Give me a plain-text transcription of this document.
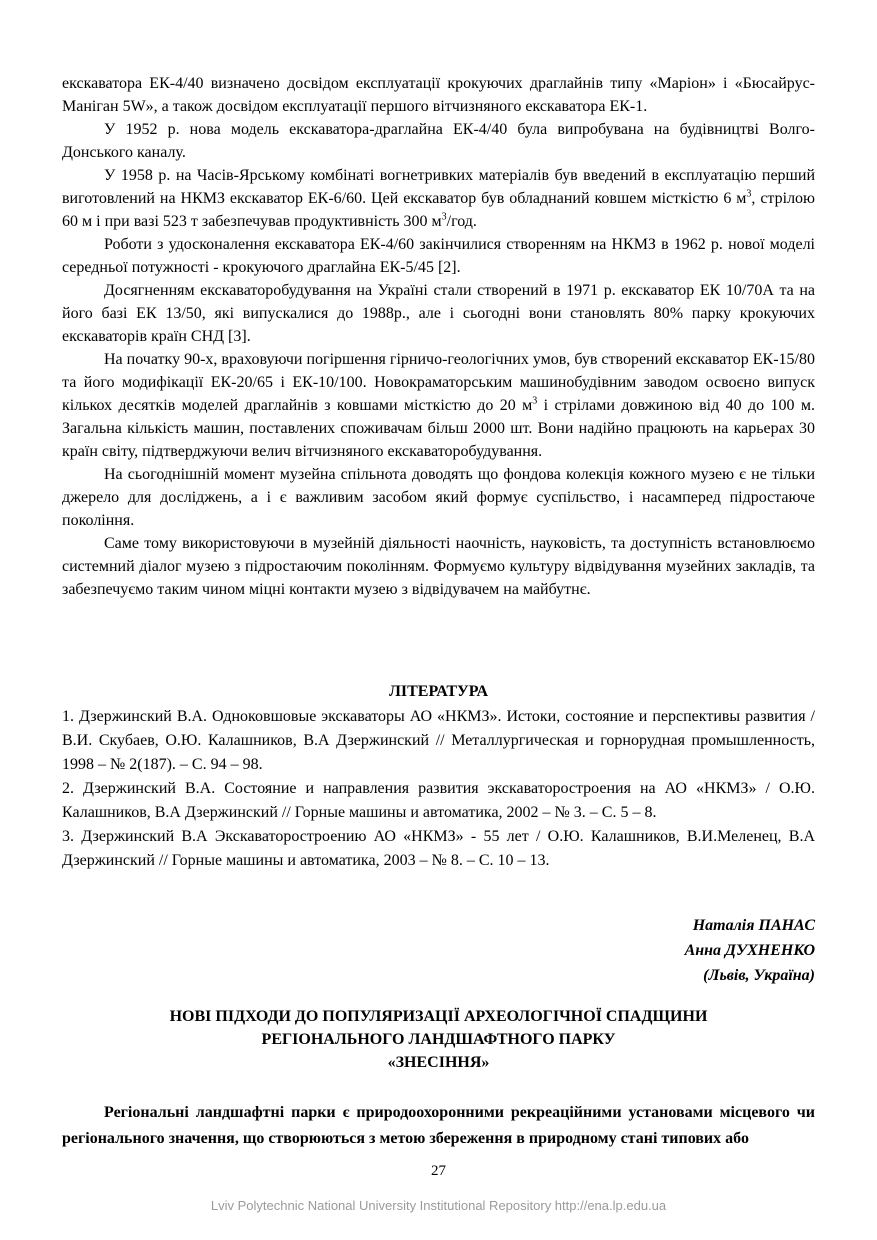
екскаватора ЕК-4/40 визначено досвідом експлуатації крокуючих драглайнів типу «Маріон» і «Бюсайрус-Маніган 5W», а також досвідом експлуатації першого вітчизняного екскаватора ЕК-1.

У 1952 р. нова модель екскаватора-драглайна ЕК-4/40 була випробувана на будівництві Волго-Донського каналу.

У 1958 р. на Часів-Ярському комбінаті вогнетривких матеріалів був введений в експлуатацію перший виготовлений на НКМЗ екскаватор ЕК-6/60. Цей екскаватор був обладнаний ковшем місткістю 6 $м^3$, стрілою 60 м і при вазі 523 т забезпечував продуктивність 300 $м^3$/год.

Роботи з удосконалення екскаватора ЕК-4/60 закінчилися створенням на НКМЗ в 1962 р. нової моделі середньої потужності - крокуючого драглайна ЕК-5/45 [2].

Досягненням екскаваторобудування на Україні стали створений в 1971 р. екскаватор ЕК 10/70А та на його базі ЕК 13/50, які випускалися до 1988р., але і сьогодні вони становлять 80% парку крокуючих екскаваторів країн СНД [3].

На початку 90-х, враховуючи погіршення гірничо-геологічних умов, був створений екскаватор ЕК-15/80 та його модифікації ЕК-20/65 і ЕК-10/100. Новокраматорським машинобудівним заводом освоєно випуск кількох десятків моделей драглайнів з ковшами місткістю до 20 $м^3$ і стрілами довжиною від 40 до 100 м. Загальна кількість машин, поставлених споживачам більш 2000 шт. Вони надійно працюють на карьерах 30 країн світу, підтверджуючи велич вітчизняного екскаваторобудування.

На сьогоднішній момент музейна спільнота доводять що фондова колекція кожного музею є не тільки джерело для досліджень, а і є важливим засобом який формує суспільство, і насамперед підростаюче покоління.

Саме тому використовуючи в музейній діяльності наочність, науковість, та доступність встановлюємо системний діалог музею з підростаючим поколінням. Формуємо культуру відвідування музейних закладів, та забезпечуємо таким чином міцні контакти музею з відвідувачем на майбутнє.

ЛІТЕРАТУРА

1. Дзержинский В.А. Одноковшовые экскаваторы АО «НКМЗ». Истоки, состояние и перспективы развития / В.И. Скубаев, О.Ю. Калашников, В.А Дзержинский // Металлургическая и горнорудная промышленность, 1998 – № 2(187). – С. 94 – 98.

2. Дзержинский В.А. Состояние и направления развития экскаваторостроения на АО «НКМЗ» / О.Ю. Калашников, В.А Дзержинский // Горные машины и автоматика, 2002 – № 3. – С. 5 – 8.

3. Дзержинский В.А Экскаваторостроению АО «НКМЗ» - 55 лет / О.Ю. Калашников, В.И.Меленец, В.А Дзержинский // Горные машины и автоматика, 2003 – № 8. – С. 10 – 13.

Наталія ПАНАС
Анна ДУХНЕНКО
(Львів, Україна)
НОВІ ПІДХОДИ ДО ПОПУЛЯРИЗАЦІЇ АРХЕОЛОГІЧНОЇ СПАДЩИНИ
РЕГІОНАЛЬНОГО ЛАНДШАФТНОГО ПАРКУ
«ЗНЕСІННЯ»

Регіональні ландшафтні парки є природоохоронними рекреаційними установами місцевого чи регіонального значення, що створюються з метою збереження в природному стані типових або

27
Lviv Polytechnic National University Institutional Repository http://ena.lp.edu.ua
